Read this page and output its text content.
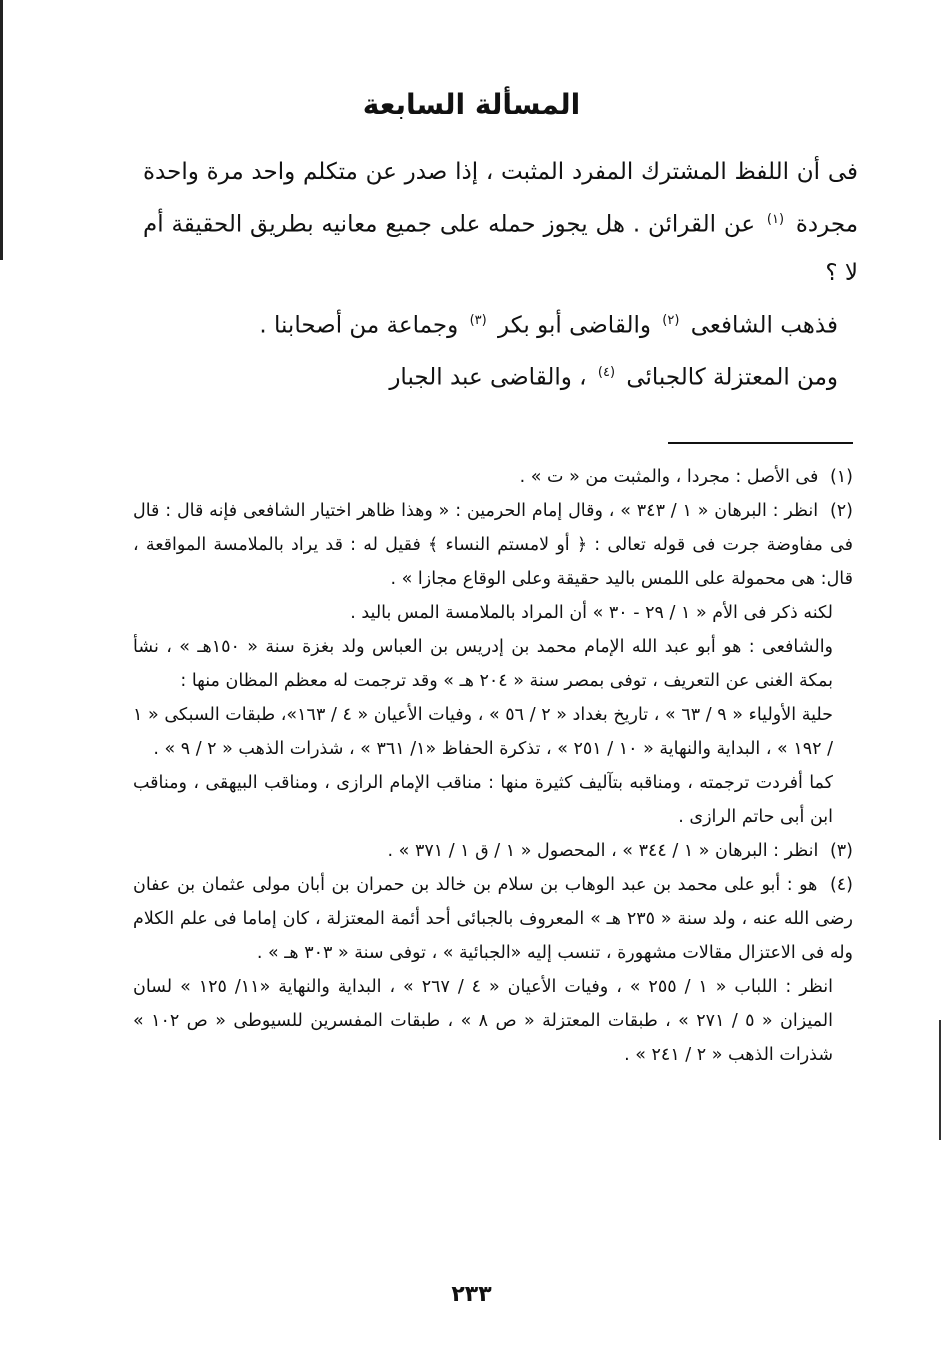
المسألة السابعة

فى أن اللفظ المشترك المفرد المثبت ، إذا صدر عن متكلم واحد مرة واحدة مجردة $^{(١)}$ عن القرائن . هل يجوز حمله على جميع معانيه بطريق الحقيقة أم لا ؟

فذهب الشافعى $^{(٢)}$ والقاضى أبو بكر $^{(٣)}$ وجماعة من أصحابنا .

ومن المعتزلة كالجبائى $^{(٤)}$ ، والقاضى عبد الجبار

(١) فى الأصل : مجردا ، والمثبت من « ت » .

(٢) انظر : البرهان « ١ / ٣٤٣ » ، وقال إمام الحرمين : « وهذا ظاهر اختيار الشافعى فإنه قال : قال فى مفاوضة جرت فى قوله تعالى : ﴿ أو لامستم النساء ﴾ فقيل له : قد يراد بالملامسة المواقعة ، قال: هى محمولة على اللمس باليد حقيقة وعلى الوقاع مجازا » .

لكنه ذكر فى الأم « ١ / ٢٩ - ٣٠ » أن المراد بالملامسة المس باليد .

والشافعى : هو أبو عبد الله الإمام محمد بن إدريس بن العباس ولد بغزة سنة « ١٥٠هـ » ، نشأ بمكة الغنى عن التعريف ، توفى بمصر سنة « ٢٠٤ هـ » وقد ترجمت له معظم المظان منها :

حلية الأولياء « ٩ / ٦٣ » ، تاريخ بغداد « ٢ / ٥٦ » ، وفيات الأعيان « ٤ / ١٦٣»، طبقات السبكى « ١ / ١٩٢ » ، البداية والنهاية « ١٠ / ٢٥١ » ، تذكرة الحفاظ «١/ ٣٦١ » ، شذرات الذهب « ٢ / ٩ » .

كما أفردت ترجمته ، ومناقبه بتآليف كثيرة منها : مناقب الإمام الرازى ، ومناقب البيهقى ، ومناقب ابن أبى حاتم الرازى .

(٣) انظر : البرهان « ١ / ٣٤٤ » ، المحصول « ١ / ق ١ / ٣٧١ » .

(٤) هو : أبو على محمد بن عبد الوهاب بن سلام بن خالد بن حمران بن أبان مولى عثمان بن عفان رضى الله عنه ، ولد سنة « ٢٣٥ هـ » المعروف بالجبائى أحد أئمة المعتزلة ، كان إماما فى علم الكلام وله فى الاعتزال مقالات مشهورة ، تنسب إليه «الجبائية » ، توفى سنة « ٣٠٣ هـ » .

انظر : اللباب « ١ / ٢٥٥ » ، وفيات الأعيان « ٤ / ٢٦٧ » ، البداية والنهاية «١١/ ١٢٥ » لسان الميزان « ٥ / ٢٧١ » ، طبقات المعتزلة « ص ٨ » ، طبقات المفسرين للسيوطى « ص ١٠٢ » شذرات الذهب « ٢ / ٢٤١ » .

٢٣٣
